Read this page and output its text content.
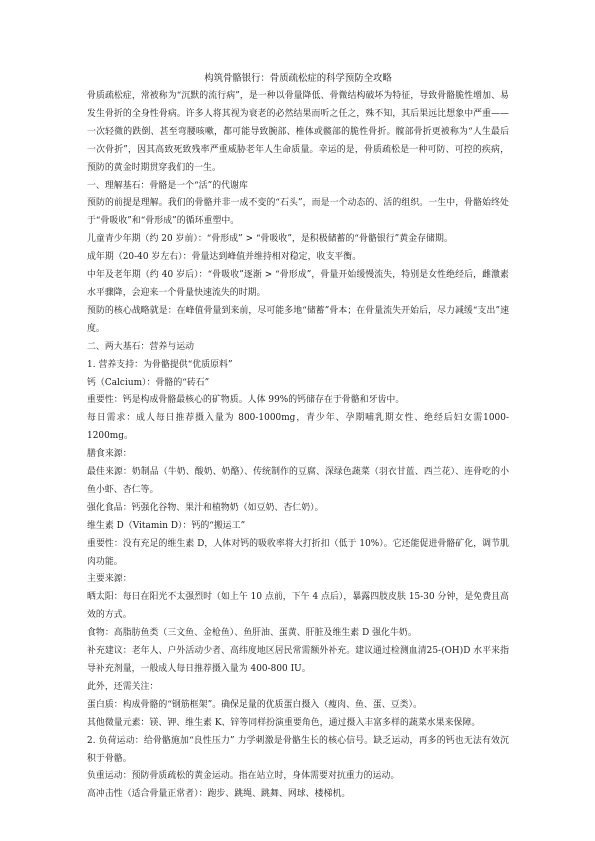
构筑骨骼银行：骨质疏松症的科学预防全攻略

骨质疏松症，常被称为“沉默的流行病”，是一种以骨量降低、骨微结构破坏为特征，导致骨骼脆性增加、易发生骨折的全身性骨病。许多人将其视为衰老的必然结果而听之任之，殊不知，其后果远比想象中严重——一次轻微的跌倒、甚至弯腰咳嗽，都可能导致腕部、椎体或髋部的脆性骨折。髋部骨折更被称为“人生最后一次骨折”，因其高致死致残率严重威胁老年人生命质量。幸运的是，骨质疏松是一种可防、可控的疾病，预防的黄金时期贯穿我们的一生。

一、理解基石：骨骼是一个“活”的代谢库

预防的前提是理解。我们的骨骼并非一成不变的“石头”，而是一个动态的、活的组织。一生中，骨骼始终处于“骨吸收”和“骨形成”的循环重塑中。

儿童青少年期（约 20 岁前）：“骨形成” > “骨吸收”，是积极储蓄的“骨骼银行”黄金存储期。

成年期（20-40 岁左右）：骨量达到峰值并维持相对稳定，收支平衡。

中年及老年期（约 40 岁后）：“骨吸收”逐渐 > “骨形成”，骨量开始缓慢流失，特别是女性绝经后，雌激素水平骤降，会迎来一个骨量快速流失的时期。

预防的核心战略就是：在峰值骨量到来前，尽可能多地“储蓄”骨本；在骨量流失开始后，尽力减缓“支出”速度。

二、两大基石：营养与运动

1. 营养支持：为骨骼提供“优质原料”

钙（Calcium）：骨骼的“砖石”

重要性：钙是构成骨骼最核心的矿物质。人体 99%的钙储存在于骨骼和牙齿中。

每日需求：成人每日推荐摄入量为 800-1000mg，青少年、孕期哺乳期女性、绝经后妇女需1000-1200mg。

膳食来源：

最佳来源：奶制品（牛奶、酸奶、奶酪）、传统制作的豆腐、深绿色蔬菜（羽衣甘蓝、西兰花）、连骨吃的小鱼小虾、杏仁等。

强化食品：钙强化谷物、果汁和植物奶（如豆奶、杏仁奶）。

维生素 D（Vitamin D）：钙的“搬运工”

重要性：没有充足的维生素 D，人体对钙的吸收率将大打折扣（低于 10%）。它还能促进骨骼矿化，调节肌肉功能。

主要来源：

晒太阳：每日在阳光不太强烈时（如上午 10 点前，下午 4 点后），暴露四肢皮肤 15-30 分钟，是免费且高效的方式。

食物：高脂肪鱼类（三文鱼、金枪鱼）、鱼肝油、蛋黄、肝脏及维生素 D 强化牛奶。

补充建议：老年人、户外活动少者、高纬度地区居民常需额外补充。建议通过检测血清25-(OH)D 水平来指导补充剂量，一般成人每日推荐摄入量为 400-800 IU。

此外，还需关注：

蛋白质：构成骨骼的“钢筋框架”。确保足量的优质蛋白摄入（瘦肉、鱼、蛋、豆类）。

其他微量元素：镁、钾、维生素 K、锌等同样扮演重要角色，通过摄入丰富多样的蔬菜水果来保障。

2. 负荷运动：给骨骼施加“良性压力” 力学刺激是骨骼生长的核心信号。缺乏运动，再多的钙也无法有效沉积于骨骼。

负重运动：预防骨质疏松的黄金运动。指在站立时，身体需要对抗重力的运动。

高冲击性（适合骨量正常者）：跑步、跳绳、跳舞、网球、楼梯机。
